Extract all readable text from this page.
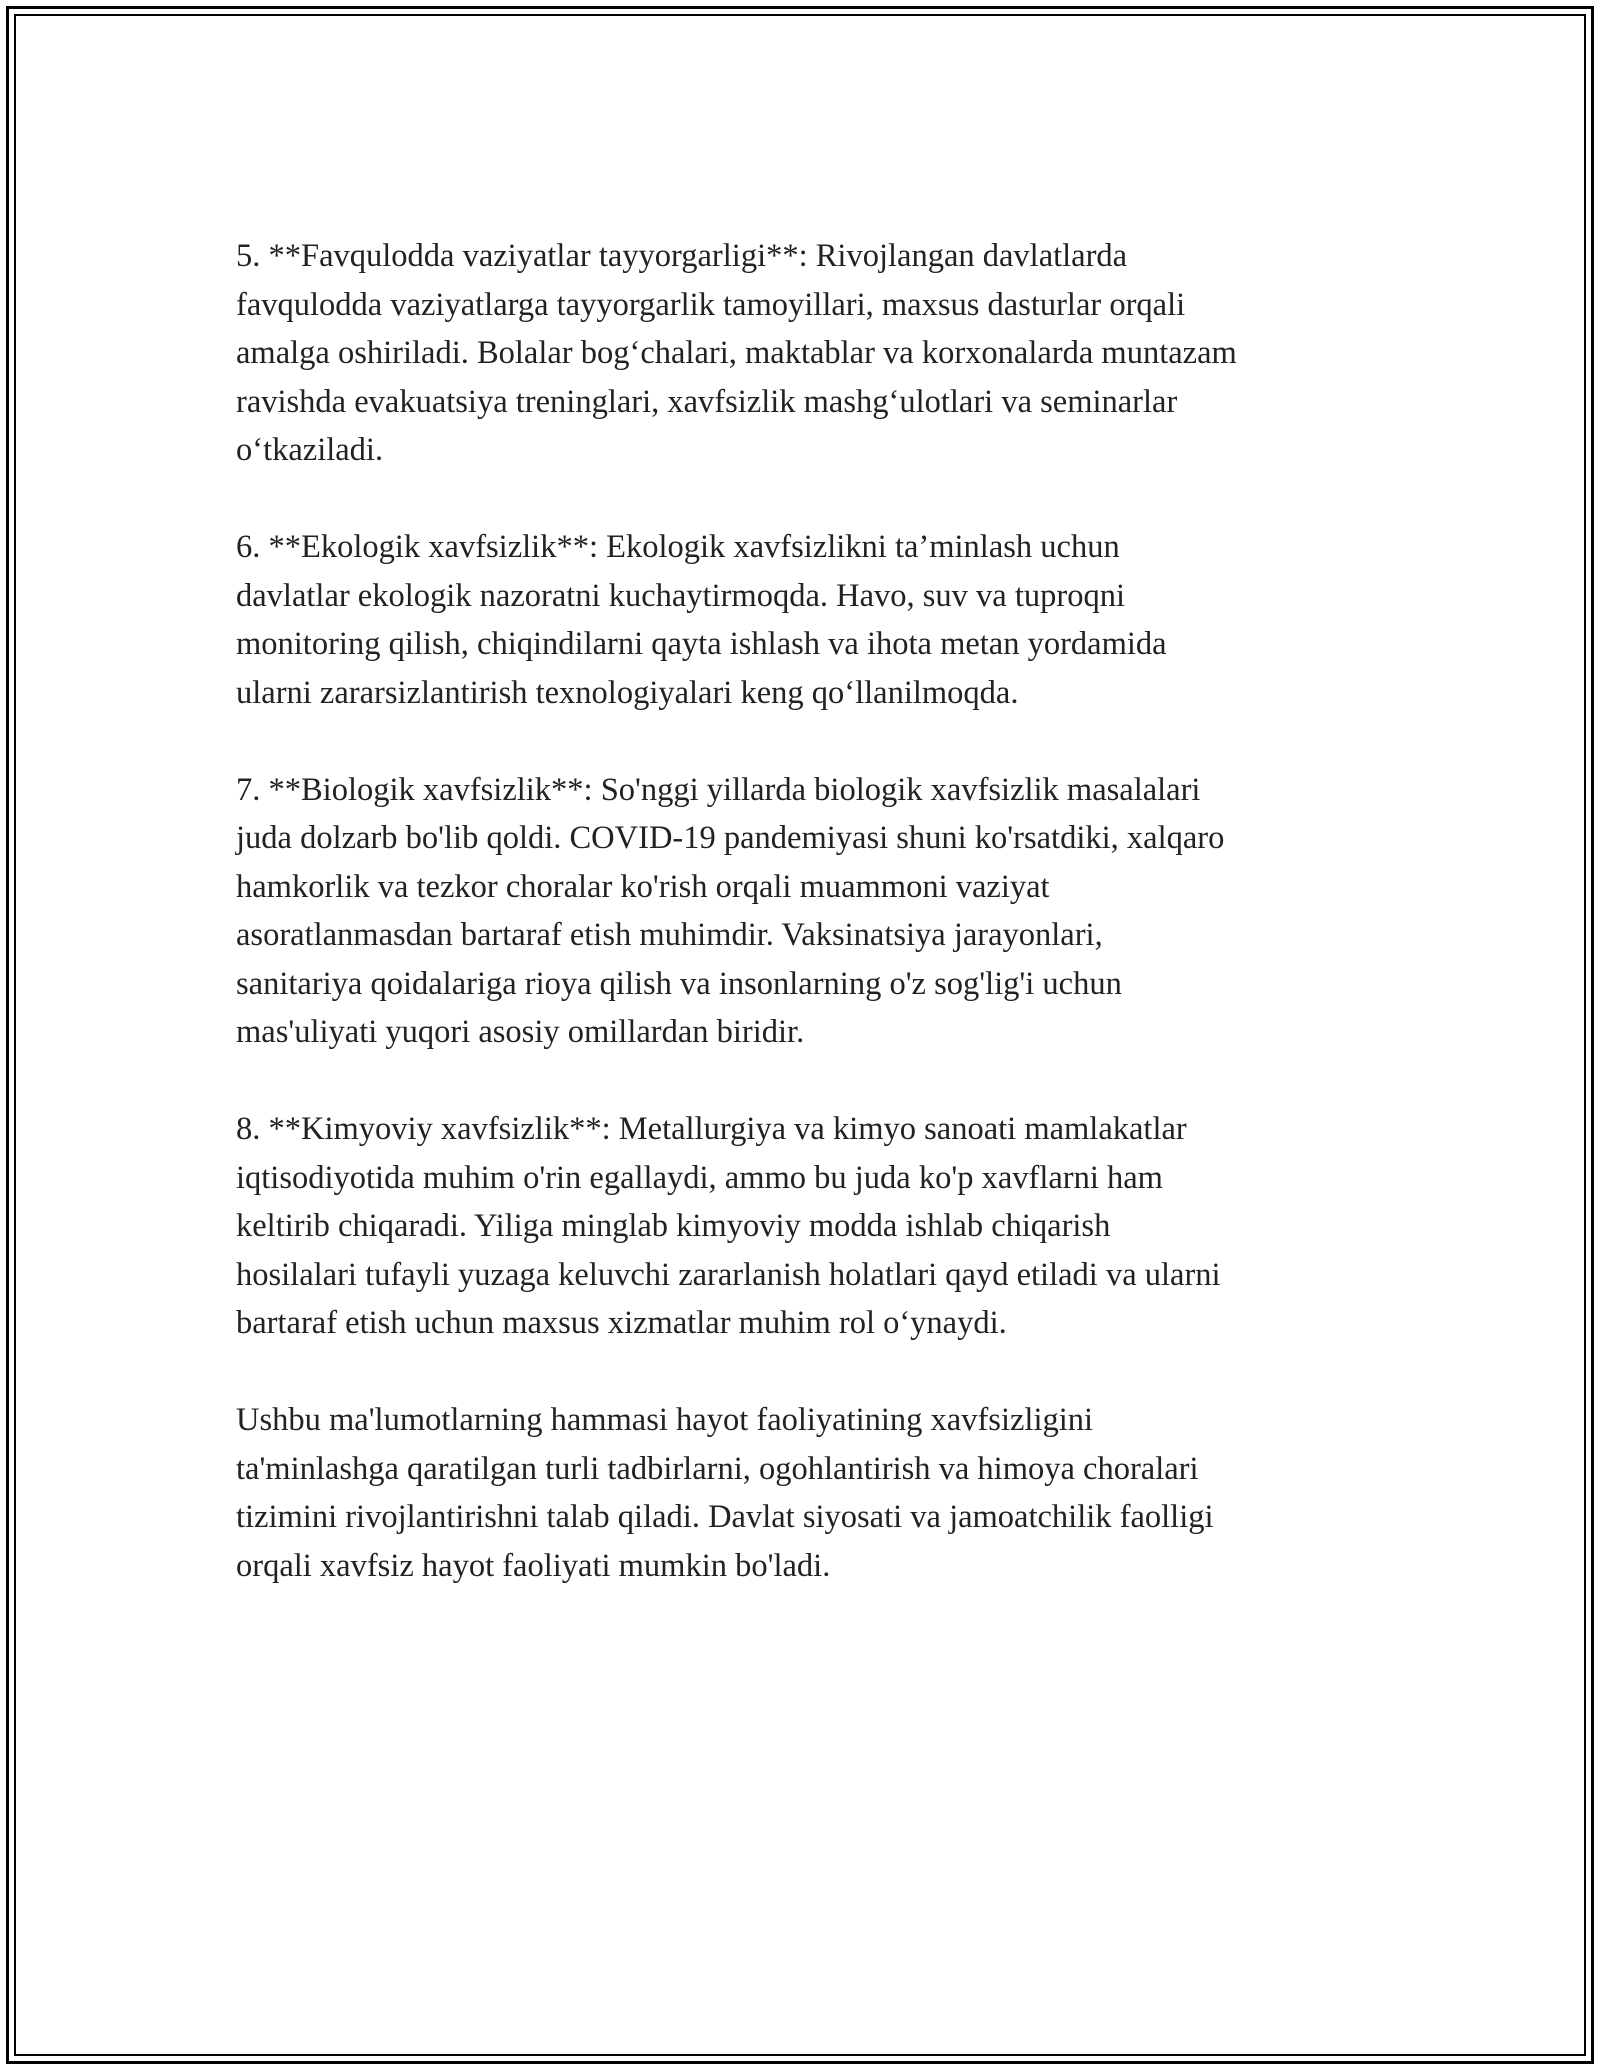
5. **Favqulodda vaziyatlar tayyorgarligi**: Rivojlangan davlatlarda
favqulodda vaziyatlarga tayyorgarlik tamoyillari, maxsus dasturlar orqali
amalga oshiriladi. Bolalar bog‘chalari, maktablar va korxonalarda muntazam
ravishda evakuatsiya treninglari, xavfsizlik mashg‘ulotlari va seminarlar
o‘tkaziladi.

6. **Ekologik xavfsizlik**: Ekologik xavfsizlikni ta’minlash uchun
davlatlar ekologik nazoratni kuchaytirmoqda. Havo, suv va tuproqni
monitoring qilish, chiqindilarni qayta ishlash va ihota metan yordamida
ularni zararsizlantirish texnologiyalari keng qo‘llanilmoqda.

7. **Biologik xavfsizlik**: So'nggi yillarda biologik xavfsizlik masalalari
juda dolzarb bo'lib qoldi. COVID-19 pandemiyasi shuni ko'rsatdiki, xalqaro
hamkorlik va tezkor choralar ko'rish orqali muammoni vaziyat
asoratlanmasdan bartaraf etish muhimdir. Vaksinatsiya jarayonlari,
sanitariya qoidalariga rioya qilish va insonlarning o'z sog'lig'i uchun
mas'uliyati yuqori asosiy omillardan biridir.

8. **Kimyoviy xavfsizlik**: Metallurgiya va kimyo sanoati mamlakatlar
iqtisodiyotida muhim o'rin egallaydi, ammo bu juda ko'p xavflarni ham
keltirib chiqaradi. Yiliga minglab kimyoviy modda ishlab chiqarish
hosilalari tufayli yuzaga keluvchi zararlanish holatlari qayd etiladi va ularni
bartaraf etish uchun maxsus xizmatlar muhim rol o‘ynaydi.

Ushbu ma'lumotlarning hammasi hayot faoliyatining xavfsizligini
ta'minlashga qaratilgan turli tadbirlarni, ogohlantirish va himoya choralari
tizimini rivojlantirishni talab qiladi. Davlat siyosati va jamoatchilik faolligi
orqali xavfsiz hayot faoliyati mumkin bo'ladi.
